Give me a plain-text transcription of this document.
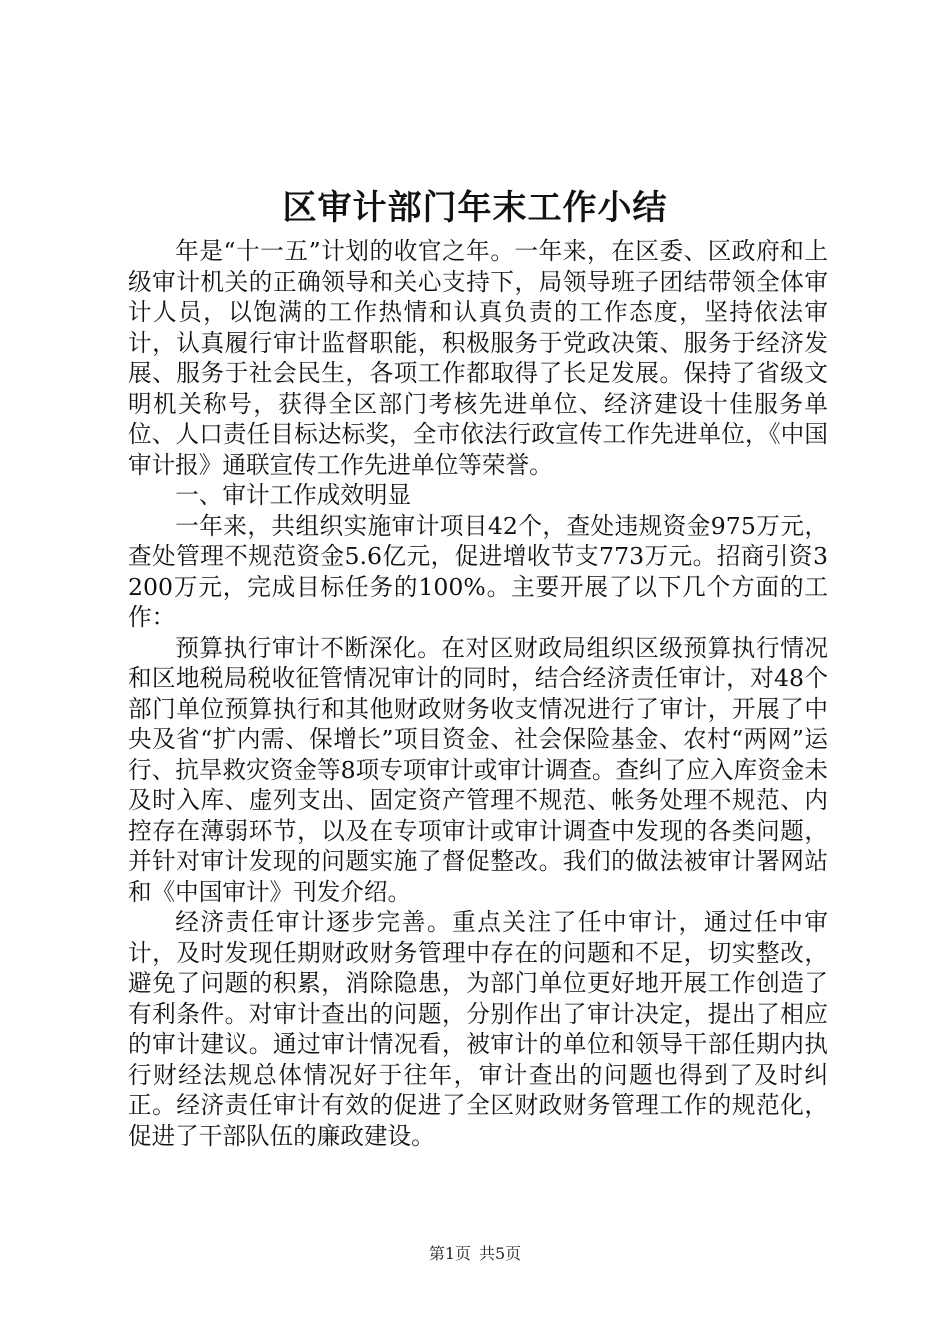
区审计部门年末工作小结

年是“十一五”计划的收官之年。一年来，在区委、区政府和上级审计机关的正确领导和关心支持下，局领导班子团结带领全体审计人员，以饱满的工作热情和认真负责的工作态度，坚持依法审计，认真履行审计监督职能，积极服务于党政决策、服务于经济发展、服务于社会民生，各项工作都取得了长足发展。保持了省级文明机关称号，获得全区部门考核先进单位、经济建设十佳服务单位、人口责任目标达标奖，全市依法行政宣传工作先进单位，《中国审计报》通联宣传工作先进单位等荣誉。

一、审计工作成效明显

一年来，共组织实施审计项目42个，查处违规资金975万元，查处管理不规范资金5.6亿元，促进增收节支773万元。招商引资3200万元，完成目标任务的100%。主要开展了以下几个方面的工作：

预算执行审计不断深化。在对区财政局组织区级预算执行情况和区地税局税收征管情况审计的同时，结合经济责任审计，对48个部门单位预算执行和其他财政财务收支情况进行了审计，开展了中央及省“扩内需、保增长”项目资金、社会保险基金、农村“两网”运行、抗旱救灾资金等8项专项审计或审计调查。查纠了应入库资金未及时入库、虚列支出、固定资产管理不规范、帐务处理不规范、内控存在薄弱环节，以及在专项审计或审计调查中发现的各类问题，并针对审计发现的问题实施了督促整改。我们的做法被审计署网站和《中国审计》刊发介绍。

经济责任审计逐步完善。重点关注了任中审计，通过任中审计，及时发现任期财政财务管理中存在的问题和不足，切实整改，避免了问题的积累，消除隐患，为部门单位更好地开展工作创造了有利条件。对审计查出的问题，分别作出了审计决定，提出了相应的审计建议。通过审计情况看，被审计的单位和领导干部任期内执行财经法规总体情况好于往年，审计查出的问题也得到了及时纠正。经济责任审计有效的促进了全区财政财务管理工作的规范化，促进了干部队伍的廉政建设。

第1页 共5页
